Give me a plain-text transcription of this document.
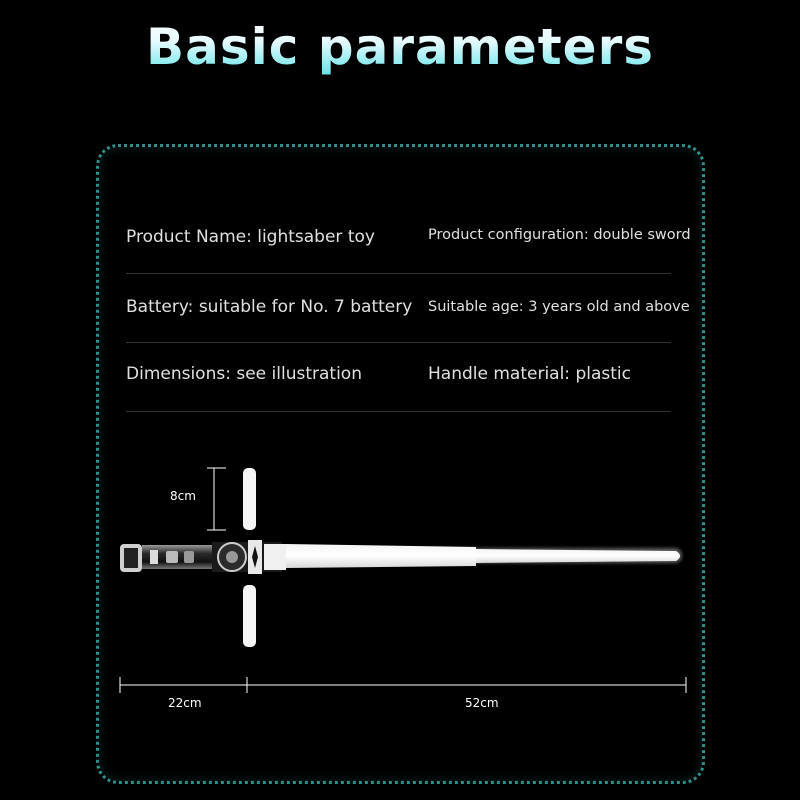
Basic parameters
Product Name: lightsaber toy	Product configuration: double sword
Battery: suitable for No. 7 battery Suitable age: 3 years old and above
Dimensions: see illustration	Handle material: plastic
8cm
22cm	52cm
